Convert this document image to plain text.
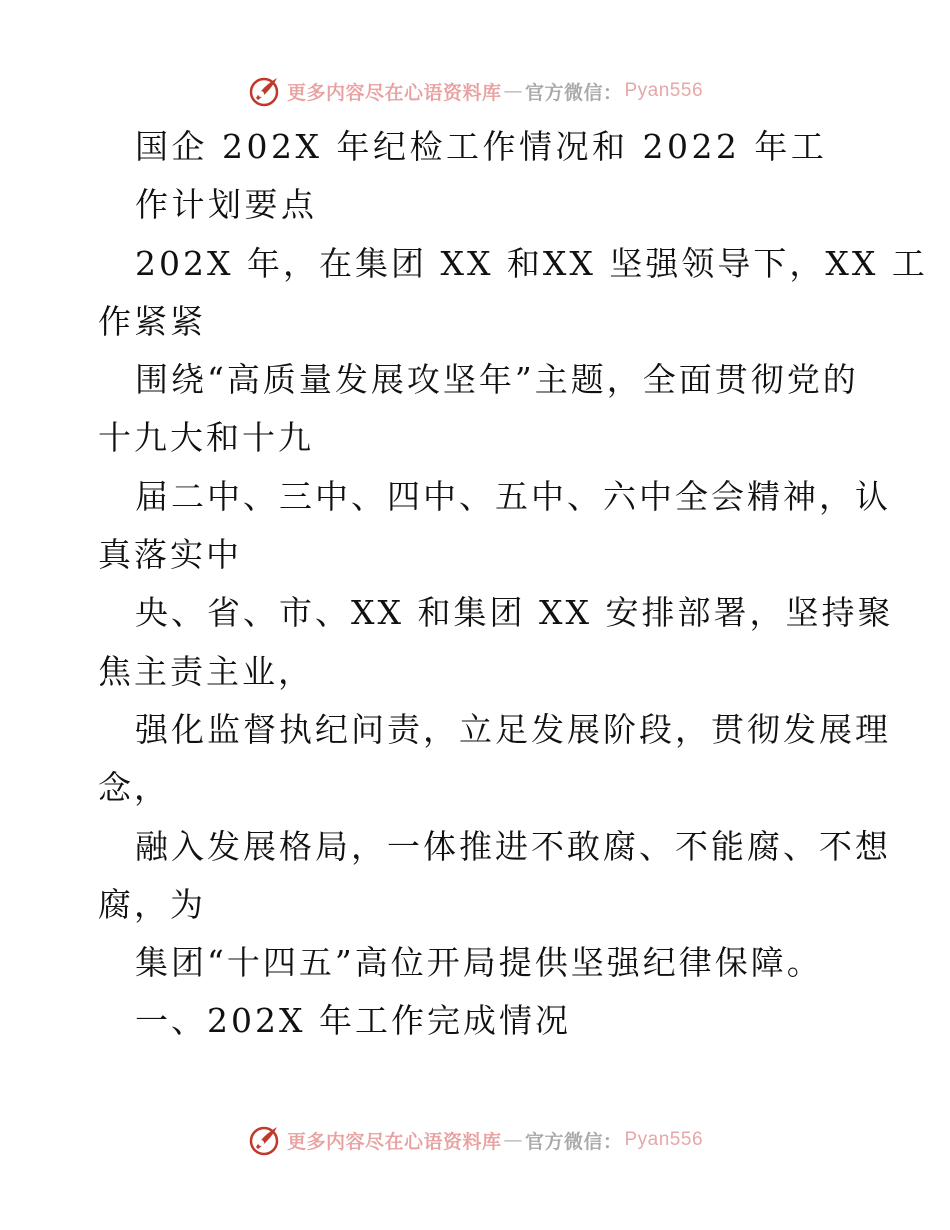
更多内容尽在心语资料库 — 官方微信： Pyan556

国企 202X 年纪检工作情况和 2022 年工

作计划要点

202X 年，在集团 XX 和XX 坚强领导下，XX 工

作紧紧

围绕“高质量发展攻坚年”主题，全面贯彻党的

十九大和十九

届二中、三中、四中、五中、六中全会精神，认

真落实中

央、省、市、XX 和集团 XX 安排部署，坚持聚

焦主责主业，

强化监督执纪问责，立足发展阶段，贯彻发展理

念，

融入发展格局，一体推进不敢腐、不能腐、不想

腐，为

集团“十四五”高位开局提供坚强纪律保障。

一、202X 年工作完成情况

更多内容尽在心语资料库 — 官方微信： Pyan556
